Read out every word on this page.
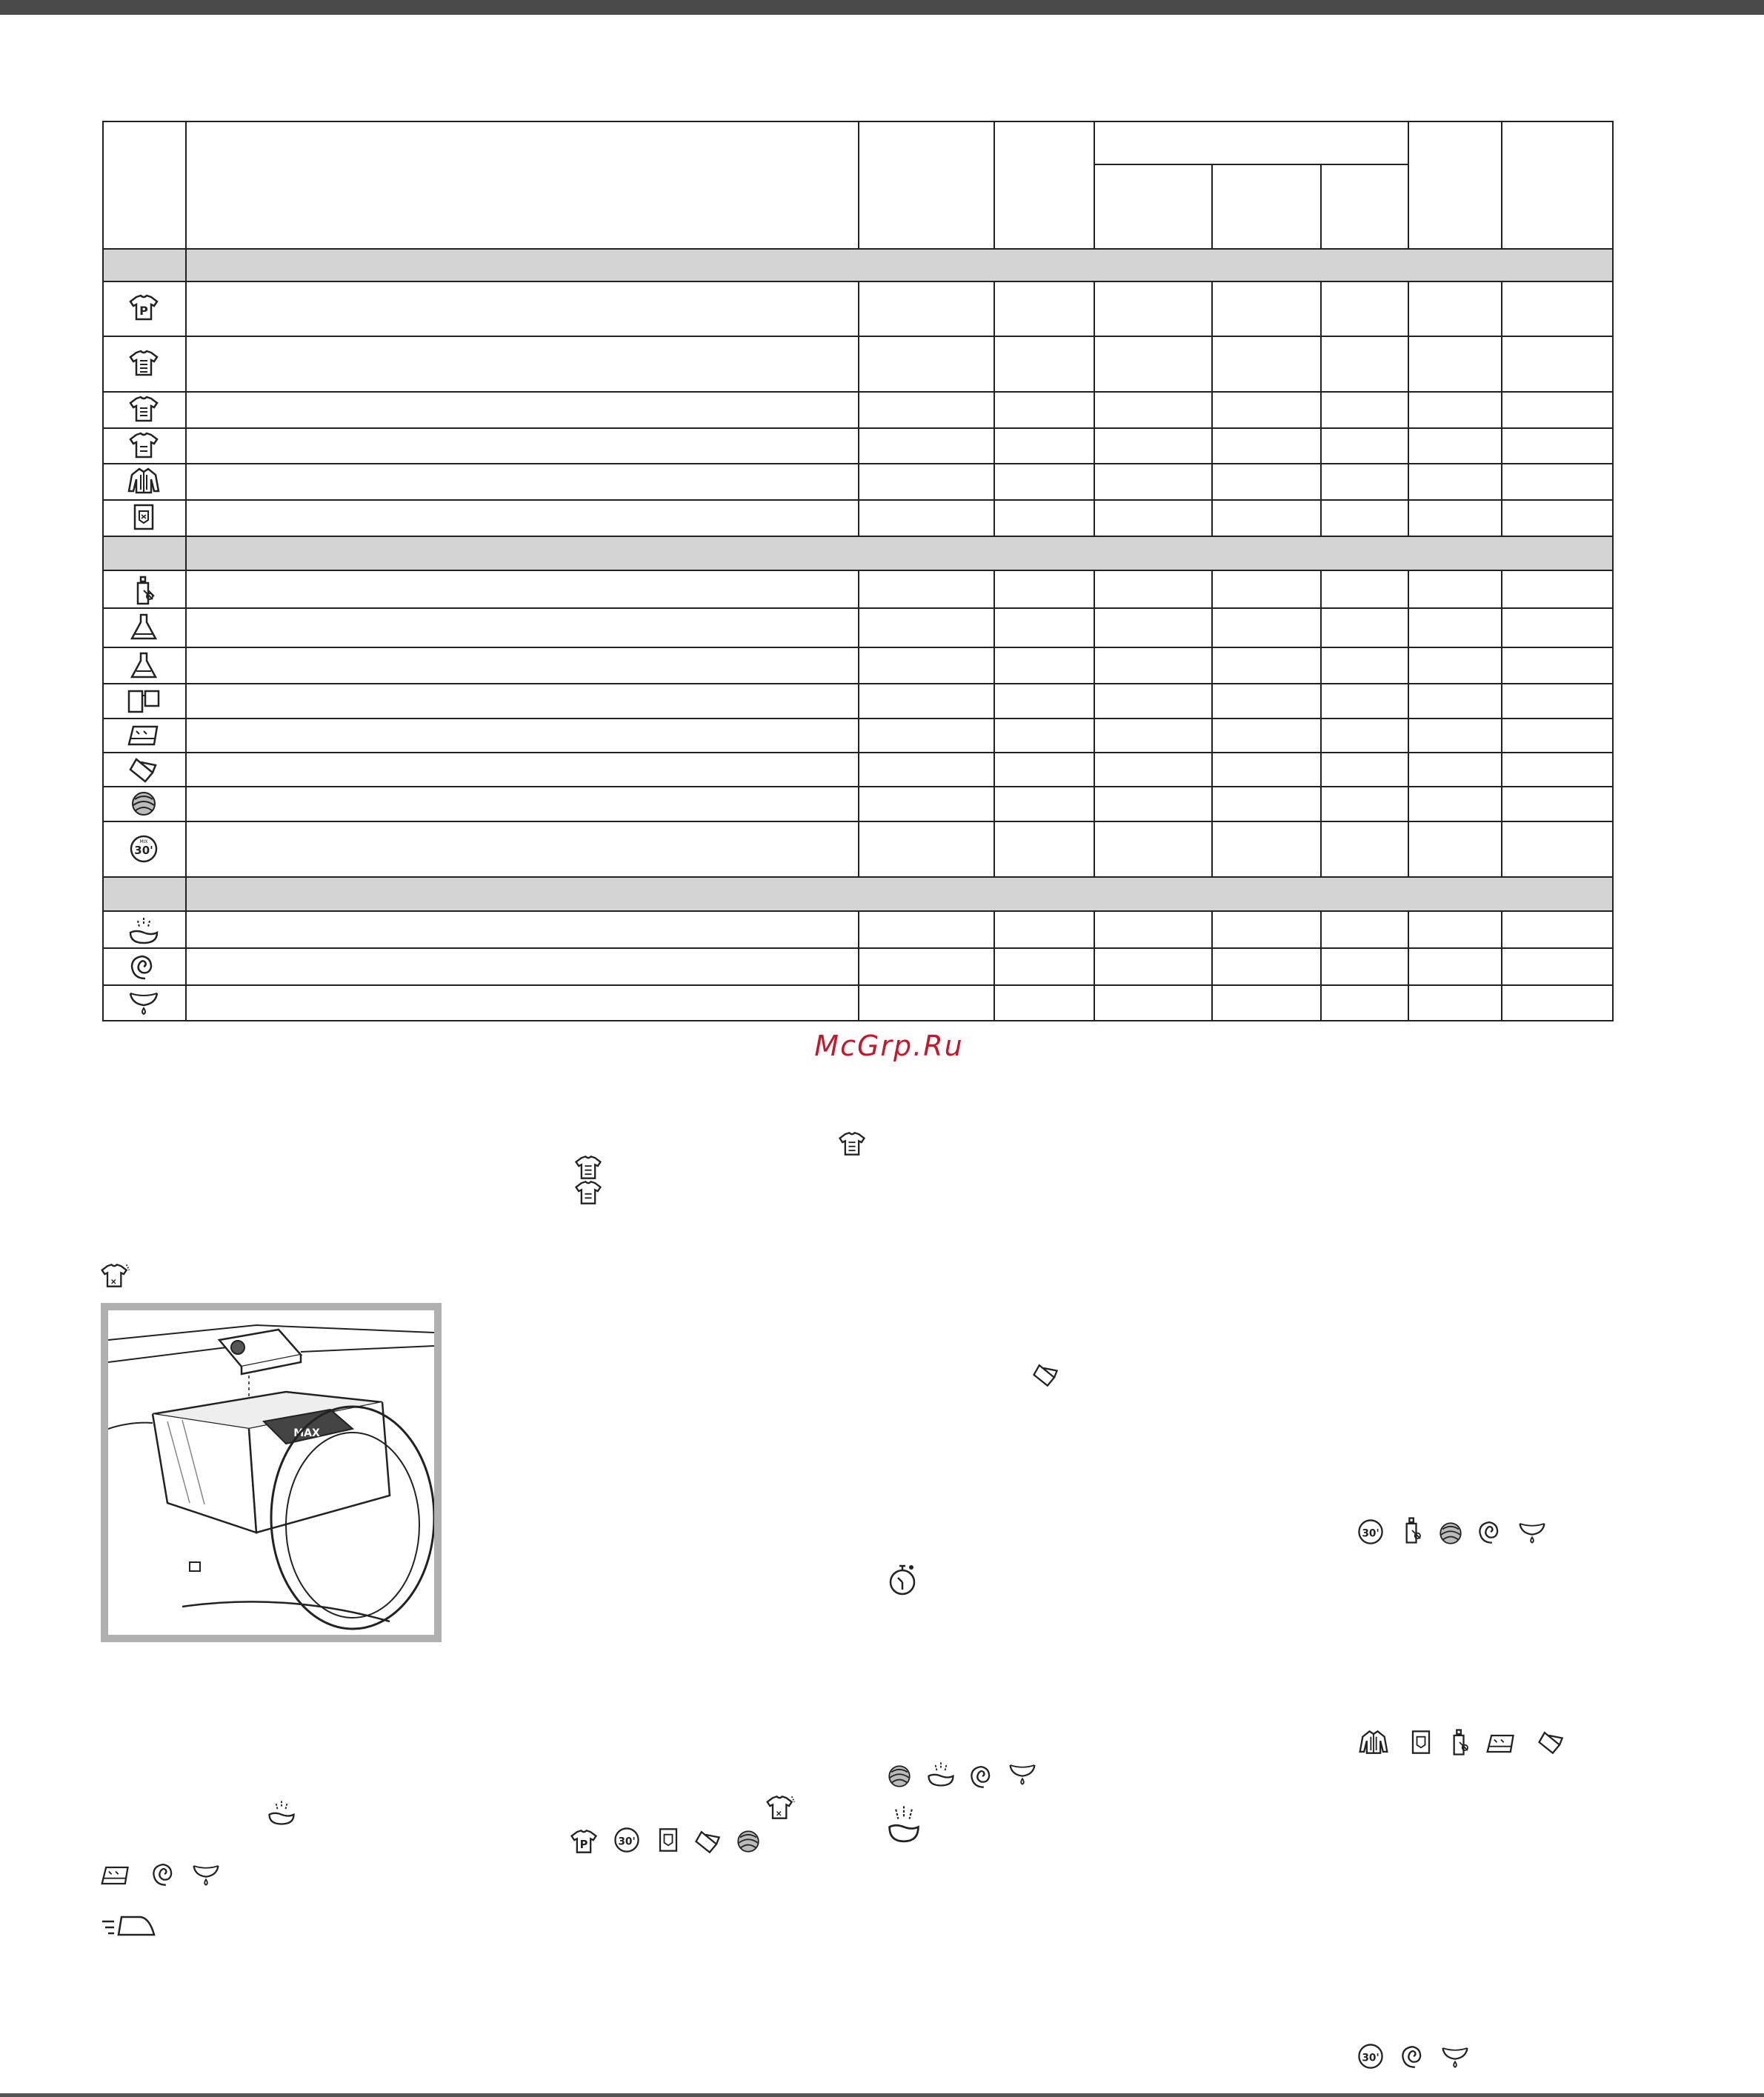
P
30'
MIX
McGrp.Ru
MAX
30'
P	30'
30'
